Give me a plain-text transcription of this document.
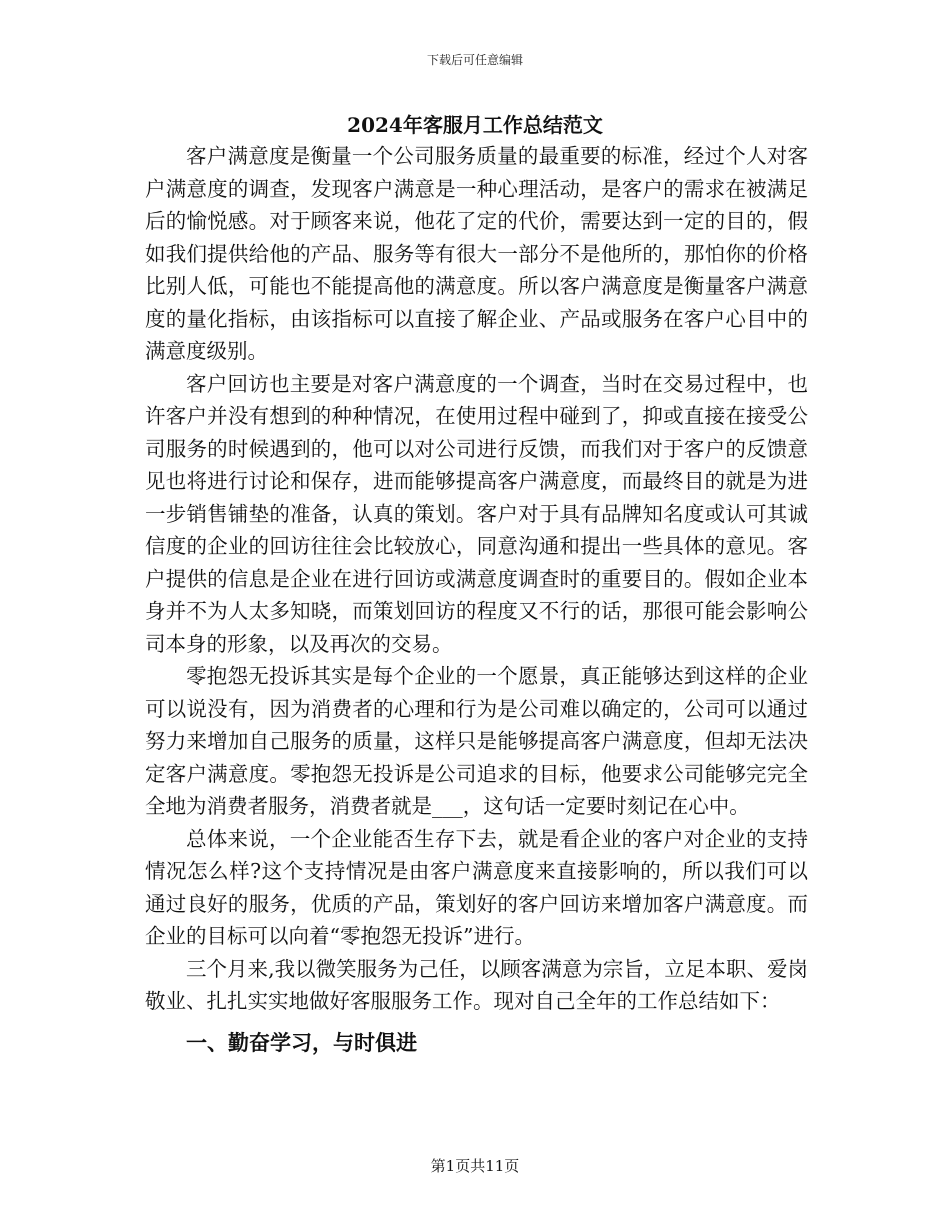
下载后可任意编辑
2024年客服月工作总结范文

客户满意度是衡量一个公司服务质量的最重要的标准，经过个人对客户满意度的调查，发现客户满意是一种心理活动，是客户的需求在被满足后的愉悦感。对于顾客来说，他花了定的代价，需要达到一定的目的，假如我们提供给他的产品、服务等有很大一部分不是他所的，那怕你的价格比别人低，可能也不能提高他的满意度。所以客户满意度是衡量客户满意度的量化指标，由该指标可以直接了解企业、产品或服务在客户心目中的满意度级别。

客户回访也主要是对客户满意度的一个调查，当时在交易过程中，也许客户并没有想到的种种情况，在使用过程中碰到了，抑或直接在接受公司服务的时候遇到的，他可以对公司进行反馈，而我们对于客户的反馈意见也将进行讨论和保存，进而能够提高客户满意度，而最终目的就是为进一步销售铺垫的准备，认真的策划。客户对于具有品牌知名度或认可其诚信度的企业的回访往往会比较放心，同意沟通和提出一些具体的意见。客户提供的信息是企业在进行回访或满意度调查时的重要目的。假如企业本身并不为人太多知晓，而策划回访的程度又不行的话，那很可能会影响公司本身的形象，以及再次的交易。

零抱怨无投诉其实是每个企业的一个愿景，真正能够达到这样的企业可以说没有，因为消费者的心理和行为是公司难以确定的，公司可以通过努力来增加自己服务的质量，这样只是能够提高客户满意度，但却无法决定客户满意度。零抱怨无投诉是公司追求的目标，他要求公司能够完完全全地为消费者服务，消费者就是___，这句话一定要时刻记在心中。

总体来说，一个企业能否生存下去，就是看企业的客户对企业的支持情况怎么样?这个支持情况是由客户满意度来直接影响的，所以我们可以通过良好的服务，优质的产品，策划好的客户回访来增加客户满意度。而企业的目标可以向着“零抱怨无投诉”进行。

三个月来,我以微笑服务为己任，以顾客满意为宗旨，立足本职、爱岗敬业、扎扎实实地做好客服服务工作。现对自己全年的工作总结如下：

一、勤奋学习，与时俱进
第1页共11页
